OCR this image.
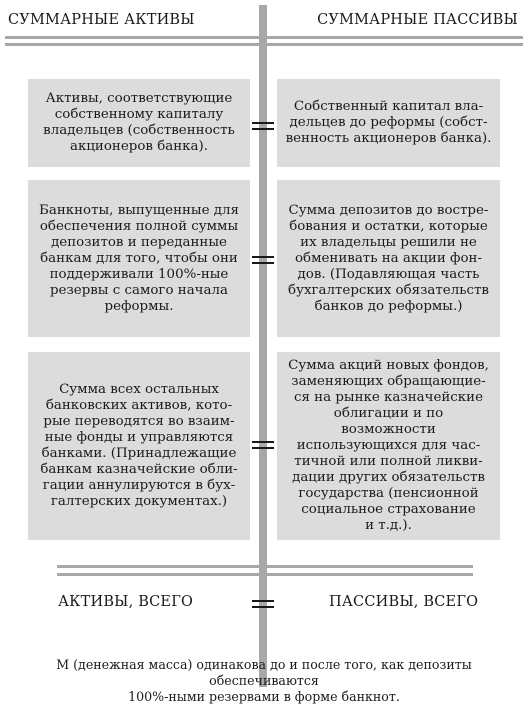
СУММАРНЫЕ АКТИВЫ	СУММАРНЫЕ ПАССИВЫ
Активы, соответствующие
собственному капиталу
владельцев (собственность
акционеров банка).
Банкноты, выпущенные для
обеспечения полной суммы
депозитов и переданные
банкам для того, чтобы они
поддерживали 100%-ные
резервы с самого начала
реформы.
Сумма всех остальных
банковских активов, кото-
рые переводятся во взаим-
ные фонды и управляются
банками. (Принадлежащие
банкам казначейские обли-
гации аннулируются в бух-
галтерских документах.)
Собственный капитал вла-
дельцев до реформы (собст-
венность акционеров банка).
Сумма депозитов до востре-
бования и остатки, которые
их владельцы решили не
обменивать на акции фон-
дов. (Подавляющая часть
бухгалтерских обязательств
банков до реформы.)
Сумма акций новых фондов,
заменяющих обращающие-
ся на рынке казначейские
облигации и по возможности
использующихся для час-
тичной или полной ликви-
дации других обязательств
государства (пенсионной
социальное страхование
и т.д.).
АКТИВЫ, ВСЕГО	ПАССИВЫ, ВСЕГО
М (денежная масса) одинакова до и после того, как депозиты обеспечиваются
100%-ными резервами в форме банкнот.
